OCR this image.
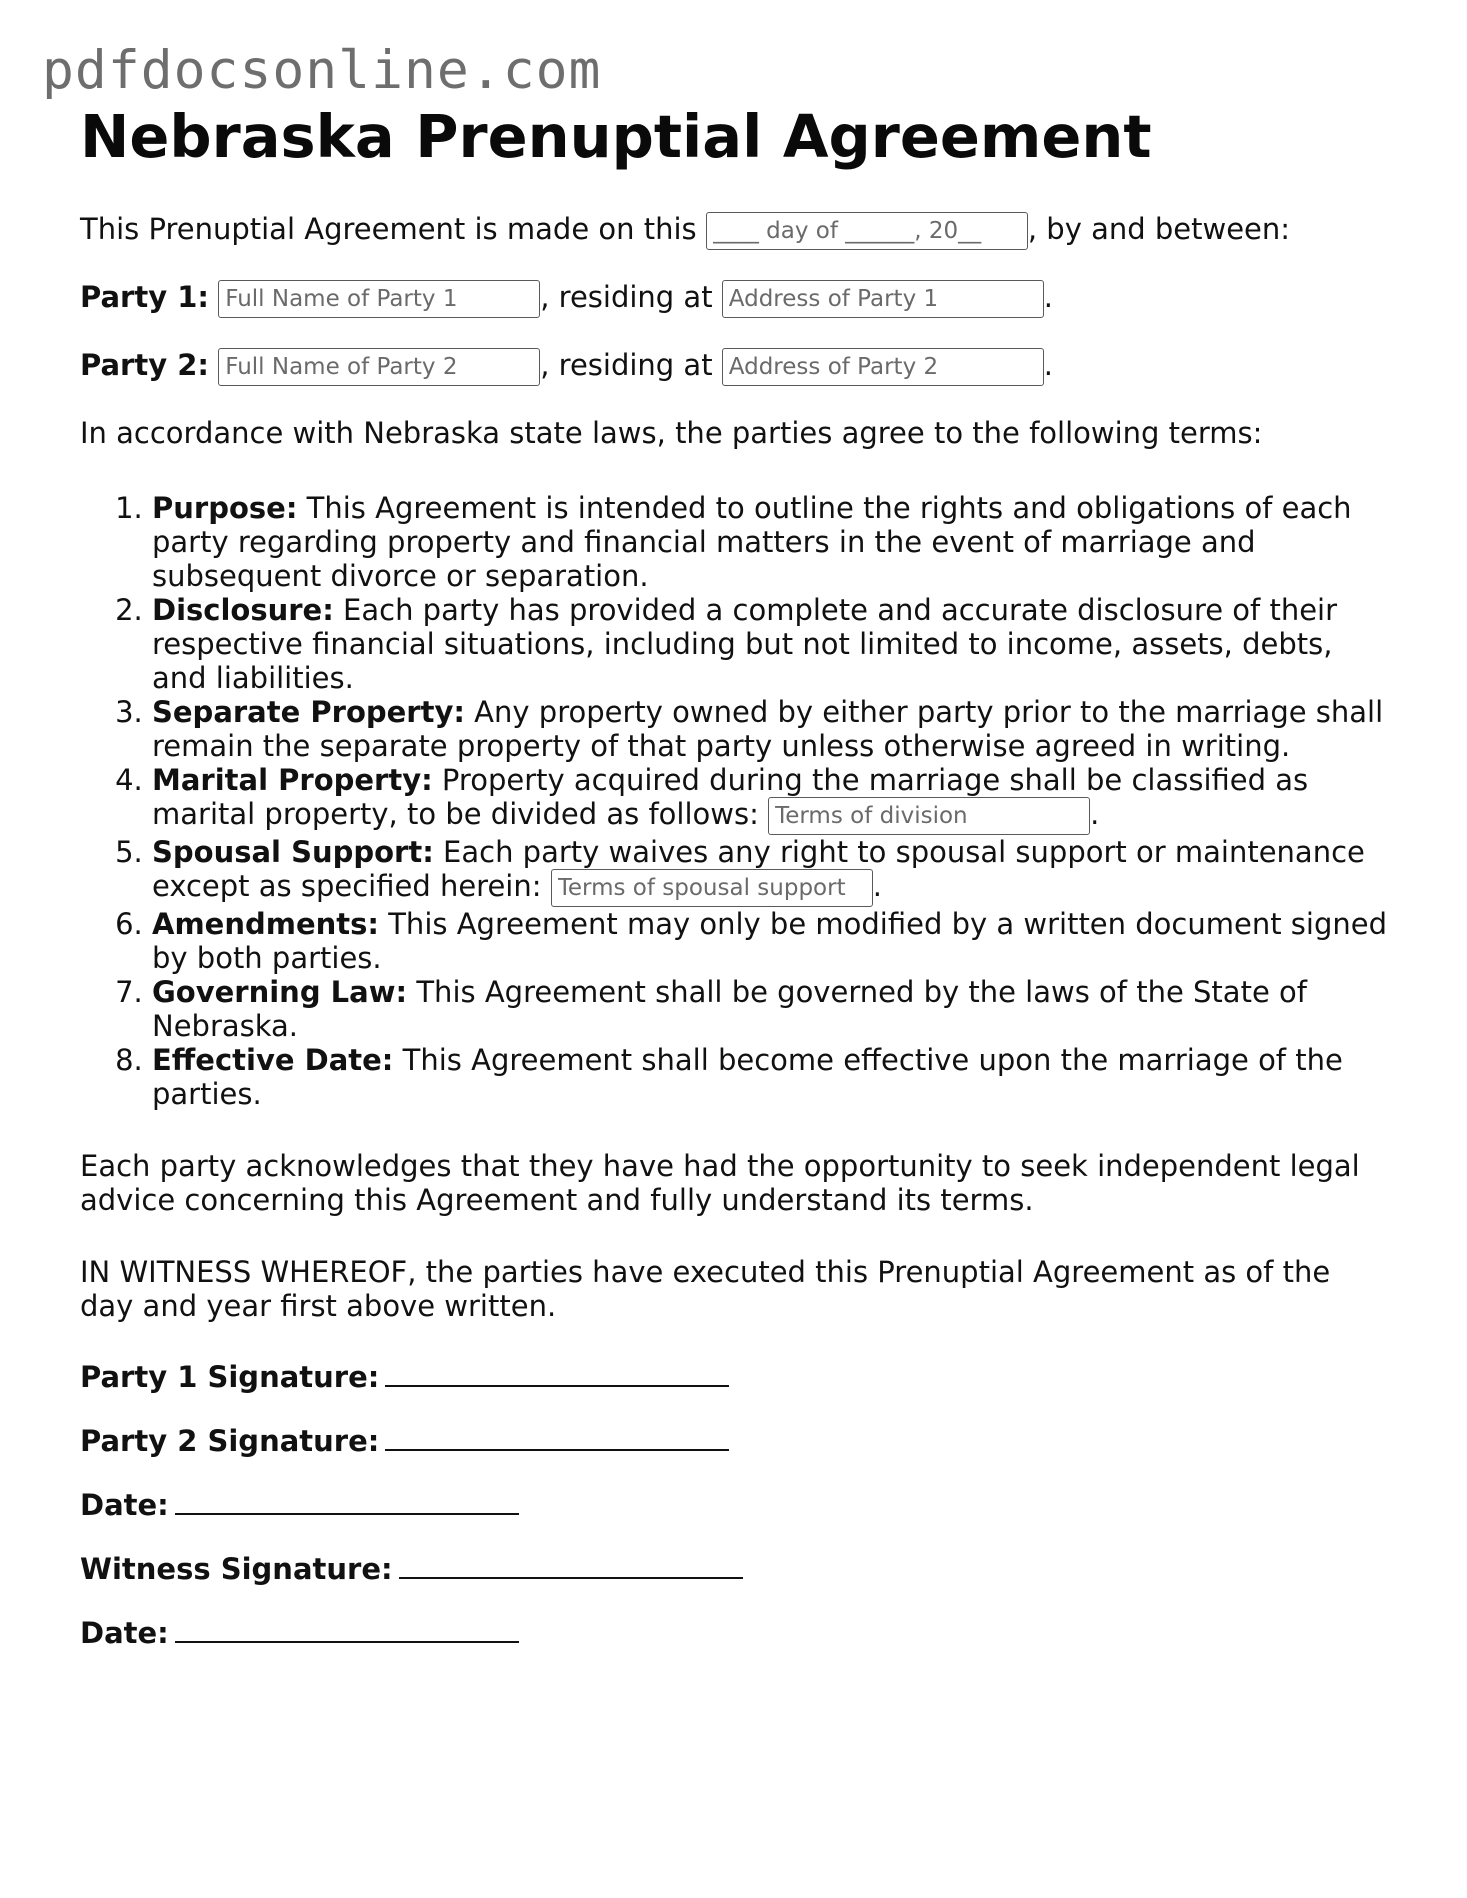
pdfdocsonline.com
Nebraska Prenuptial Agreement
This Prenuptial Agreement is made on this ____ day of ______, 20__	, by and between:
Party 1: Full Name of Party 1	, residing at Address of Party 1	.
Party 2: Full Name of Party 2	, residing at Address of Party 2	.
In accordance with Nebraska state laws, the parties agree to the following terms:
1. Purpose: This Agreement is intended to outline the rights and obligations of each party regarding property and financial matters in the event of marriage and subsequent divorce or separation.
2. Disclosure: Each party has provided a complete and accurate disclosure of their respective financial situations, including but not limited to income, assets, debts, and liabilities.
3. Separate Property: Any property owned by either party prior to the marriage shall remain the separate property of that party unless otherwise agreed in writing.
4. Marital Property: Property acquired during the marriage shall be classified as marital property, to be divided as follows: Terms of division	.
5. Spousal Support: Each party waives any right to spousal support or maintenance except as specified herein: Terms of spousal support	.
6. Amendments: This Agreement may only be modified by a written document signed by both parties.
7. Governing Law: This Agreement shall be governed by the laws of the State of Nebraska.
8. Effective Date: This Agreement shall become effective upon the marriage of the parties.
Each party acknowledges that they have had the opportunity to seek independent legal advice concerning this Agreement and fully understand its terms.
IN WITNESS WHEREOF, the parties have executed this Prenuptial Agreement as of the day and year first above written.
Party 1 Signature:
Party 2 Signature:
Date:
Witness Signature:
Date:
